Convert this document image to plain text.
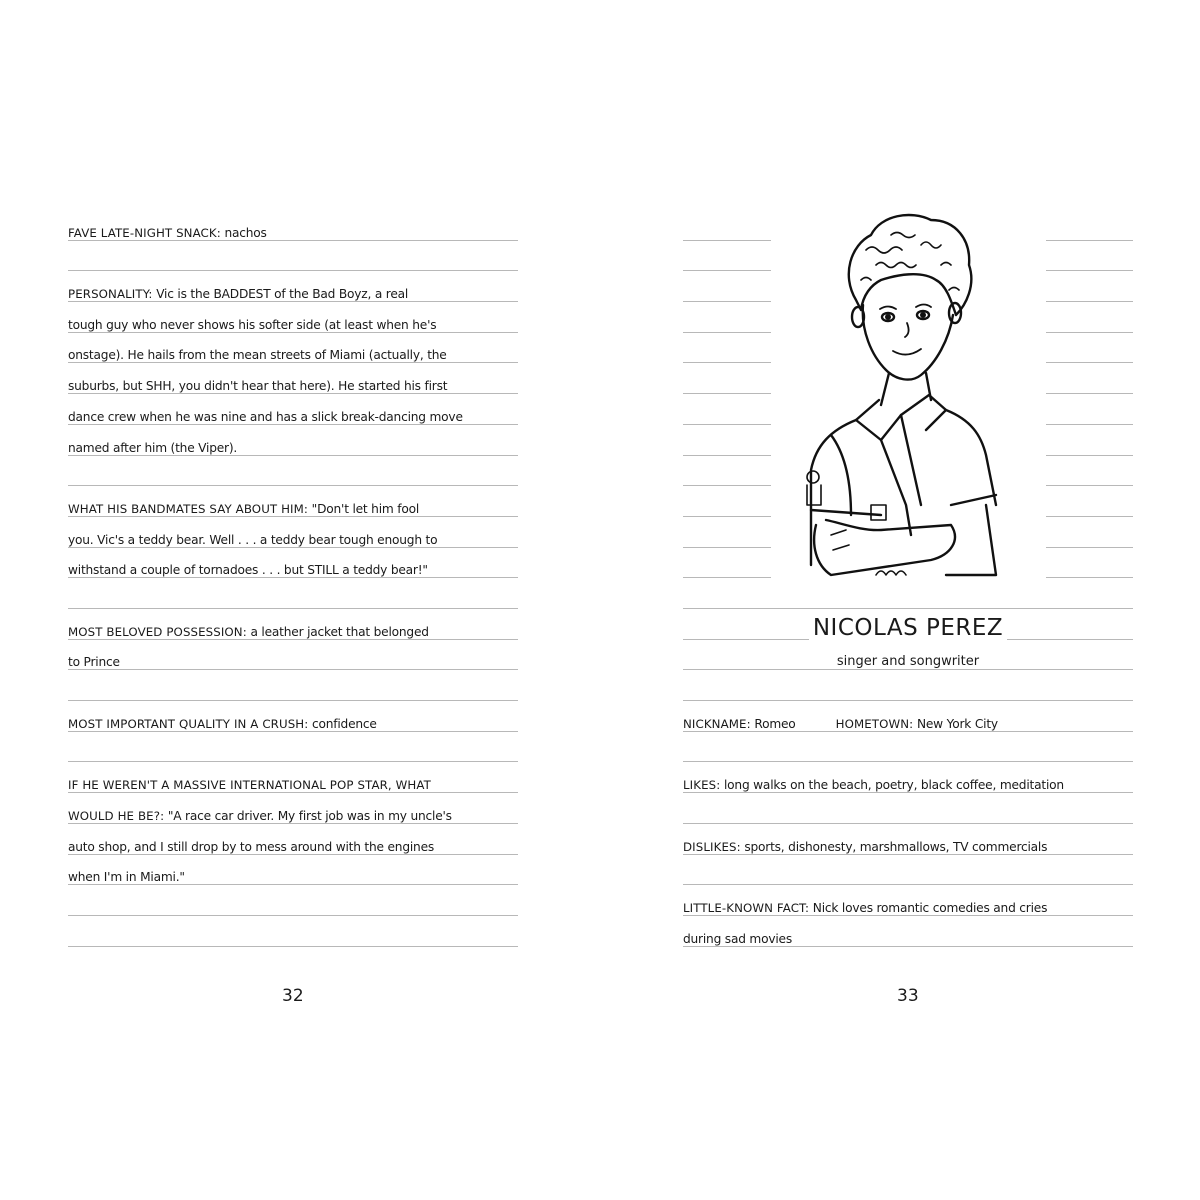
FAVE LATE-NIGHT SNACK: nachos
PERSONALITY: Vic is the BADDEST of the Bad Boyz, a real
tough guy who never shows his softer side (at least when he's
onstage). He hails from the mean streets of Miami (actually, the
suburbs, but SHH, you didn't hear that here). He started his first
dance crew when he was nine and has a slick break-dancing move
named after him (the Viper).
WHAT HIS BANDMATES SAY ABOUT HIM: "Don't let him fool
you. Vic's a teddy bear. Well . . . a teddy bear tough enough to
withstand a couple of tornadoes . . . but STILL a teddy bear!"
MOST BELOVED POSSESSION: a leather jacket that belonged
to Prince
MOST IMPORTANT QUALITY IN A CRUSH: confidence
IF HE WEREN'T A MASSIVE INTERNATIONAL POP STAR, WHAT
WOULD HE BE?: "A race car driver. My first job was in my uncle's
auto shop, and I still drop by to mess around with the engines
when I'm in Miami."
32
NICOLAS PEREZ
singer and songwriter
NICKNAME: Romeo      HOMETOWN: New York City
LIKES: long walks on the beach, poetry, black coffee, meditation
DISLIKES: sports, dishonesty, marshmallows, TV commercials
LITTLE-KNOWN FACT: Nick loves romantic comedies and cries
during sad movies
33
